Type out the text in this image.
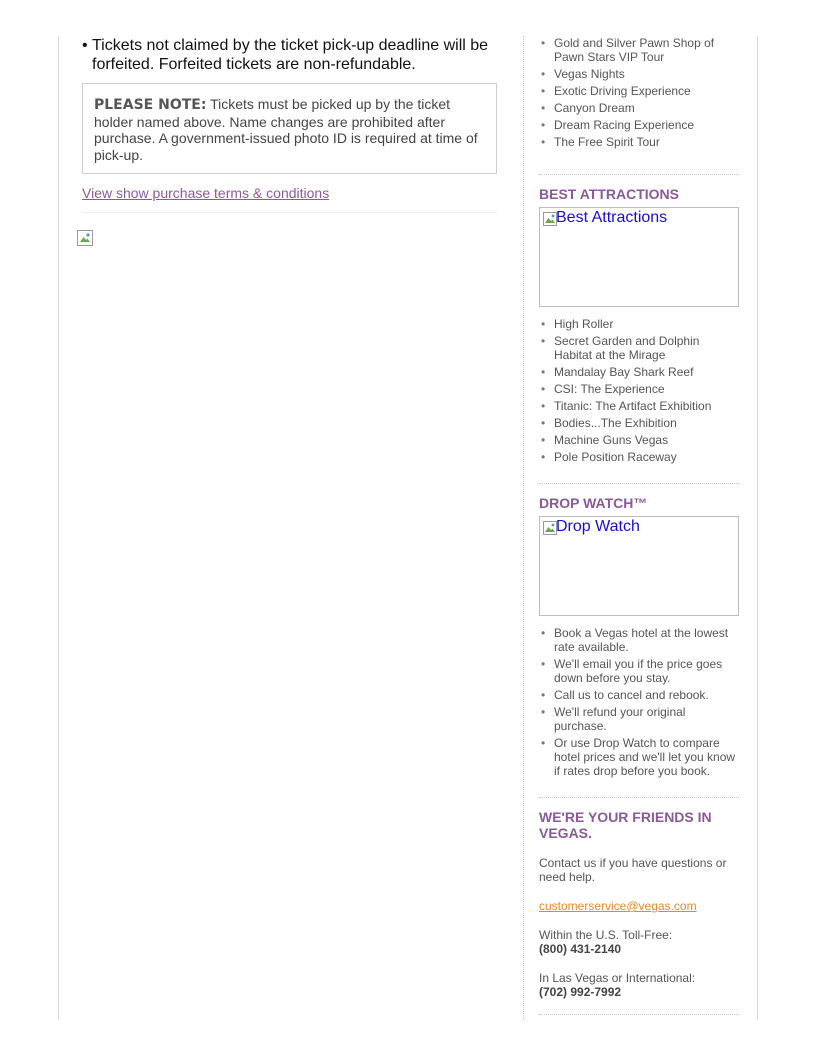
• Tickets not claimed by the ticket pick-up deadline will be forfeited. Forfeited tickets are non-refundable.
PLEASE NOTE: Tickets must be picked up by the ticket holder named above. Name changes are prohibited after purchase. A government-issued photo ID is required at time of pick-up.
View show purchase terms & conditions
• Gold and Silver Pawn Shop of Pawn Stars VIP Tour
• Vegas Nights
• Exotic Driving Experience
• Canyon Dream
• Dream Racing Experience
• The Free Spirit Tour
BEST ATTRACTIONS
Best Attractions
• High Roller
• Secret Garden and Dolphin Habitat at the Mirage
• Mandalay Bay Shark Reef
• CSI: The Experience
• Titanic: The Artifact Exhibition
• Bodies...The Exhibition
• Machine Guns Vegas
• Pole Position Raceway
DROP WATCH™
Drop Watch
• Book a Vegas hotel at the lowest rate available.
• We'll email you if the price goes down before you stay.
• Call us to cancel and rebook.
• We'll refund your original purchase.
• Or use Drop Watch to compare hotel prices and we'll let you know if rates drop before you book.
WE'RE YOUR FRIENDS IN VEGAS.

Contact us if you have questions or need help.

customerservice@vegas.com

Within the U.S. Toll-Free:
(800) 431-2140

In Las Vegas or International:
(702) 992-7992
